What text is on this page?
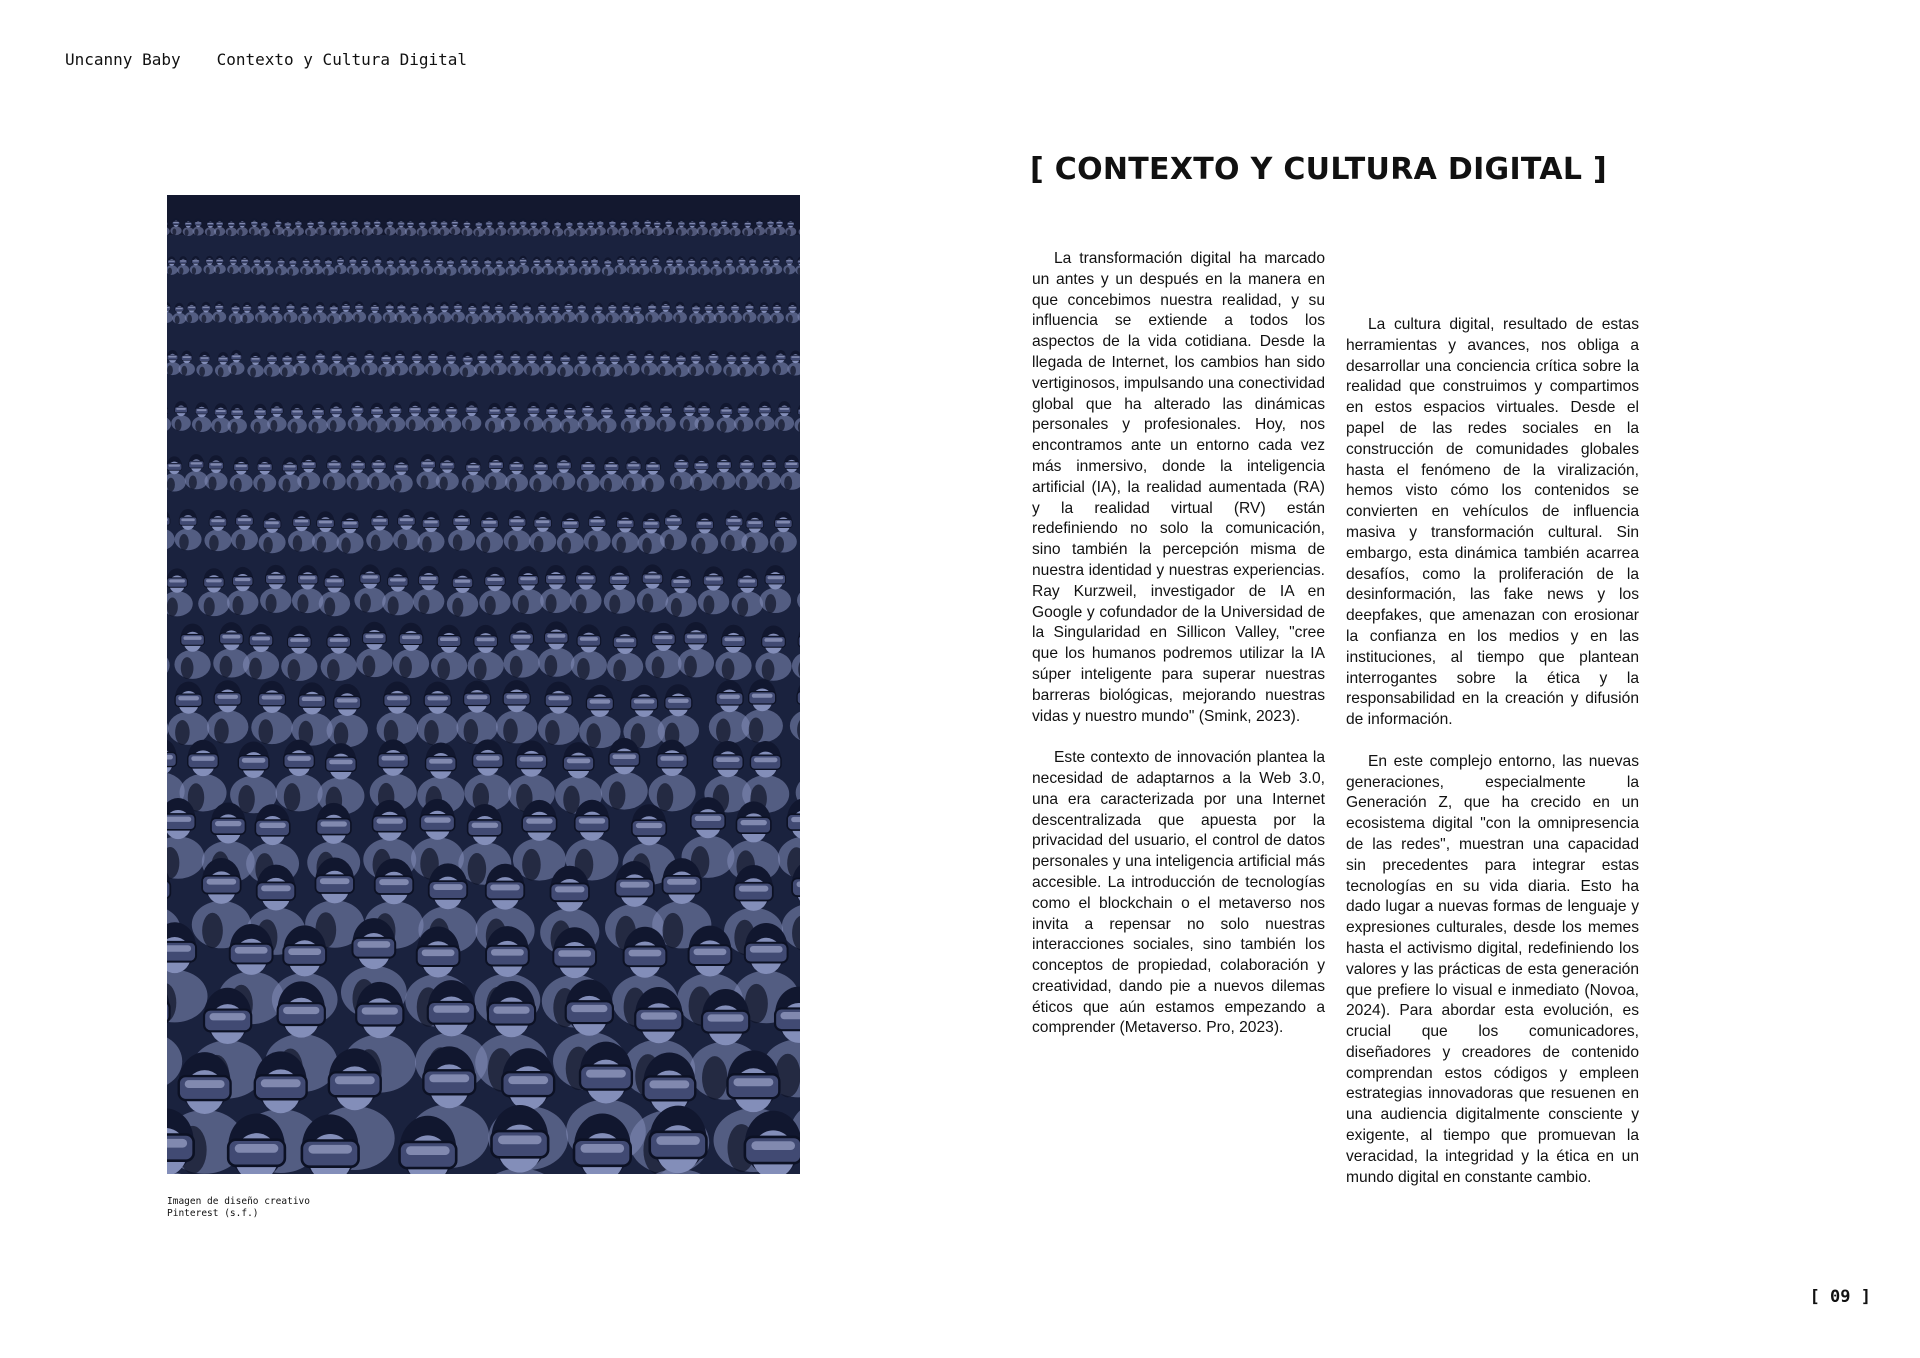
Uncanny Baby Contexto y Cultura Digital
Imagen de diseño creativo
Pinterest (s.f.)
[ CONTEXTO Y CULTURA DIGITAL ]

La transformación digital ha marcado un antes y un después en la manera en que concebimos nuestra realidad, y su influencia se extiende a todos los aspectos de la vida cotidiana. Desde la llegada de Internet, los cambios han sido vertiginosos, impulsando una conectividad global que ha alterado las dinámicas personales y profesionales. Hoy, nos encontramos ante un entorno cada vez más inmersivo, donde la inteligencia artificial (IA), la realidad aumentada (RA) y la realidad virtual (RV) están redefiniendo no solo la comunicación, sino también la percepción misma de nuestra identidad y nuestras experiencias. Ray Kurzweil, investigador de IA en Google y cofundador de la Universidad de la Singularidad en Sillicon Valley, "cree que los humanos podremos utilizar la IA súper inteligente para superar nuestras barreras biológicas, mejorando nuestras vidas y nuestro mundo" (Smink, 2023).

Este contexto de innovación plantea la necesidad de adaptarnos a la Web 3.0, una era caracterizada por una Internet descentralizada que apuesta por la privacidad del usuario, el control de datos personales y una inteligencia artificial más accesible. La introducción de tecnologías como el blockchain o el metaverso nos invita a repensar no solo nuestras interacciones sociales, sino también los conceptos de propiedad, colaboración y creatividad, dando pie a nuevos dilemas éticos que aún estamos empezando a comprender (Metaverso. Pro, 2023).

La cultura digital, resultado de estas herramientas y avances, nos obliga a desarrollar una conciencia crítica sobre la realidad que construimos y compartimos en estos espacios virtuales. Desde el papel de las redes sociales en la construcción de comunidades globales hasta el fenómeno de la viralización, hemos visto cómo los contenidos se convierten en vehículos de influencia masiva y transformación cultural. Sin embargo, esta dinámica también acarrea desafíos, como la proliferación de la desinformación, las fake news y los deepfakes, que amenazan con erosionar la confianza en los medios y en las instituciones, al tiempo que plantean interrogantes sobre la ética y la responsabilidad en la creación y difusión de información.

En este complejo entorno, las nuevas generaciones, especialmente la Generación Z, que ha crecido en un ecosistema digital "con la omnipresencia de las redes", muestran una capacidad sin precedentes para integrar estas tecnologías en su vida diaria. Esto ha dado lugar a nuevas formas de lenguaje y expresiones culturales, desde los memes hasta el activismo digital, redefiniendo los valores y las prácticas de esta generación que prefiere lo visual e inmediato (Novoa, 2024). Para abordar esta evolución, es crucial que los comunicadores, diseñadores y creadores de contenido comprendan estos códigos y empleen estrategias innovadoras que resuenen en una audiencia digitalmente consciente y exigente, al tiempo que promuevan la veracidad, la integridad y la ética en un mundo digital en constante cambio.

[ 09 ]
